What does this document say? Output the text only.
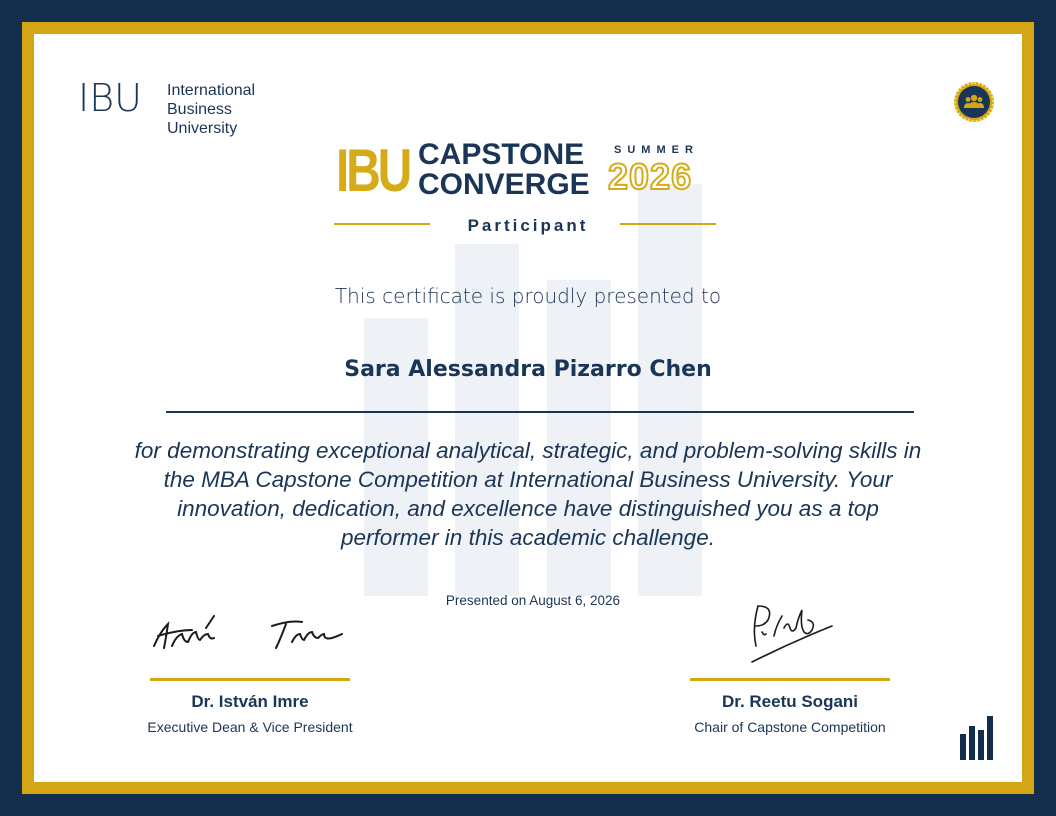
IBU International
Business
University
IBU CAPSTONE
CONVERGE
SUMMER
2026
Participant
This certificate is proudly presented to
Sara Alessandra Pizarro Chen
for demonstrating exceptional analytical, strategic, and problem-solving skills in the MBA Capstone Competition at International Business University. Your innovation, dedication, and excellence have distinguished you as a top performer in this academic challenge.
Presented on August 6, 2026
Dr. István Imre
Executive Dean & Vice President
Dr. Reetu Sogani
Chair of Capstone Competition
